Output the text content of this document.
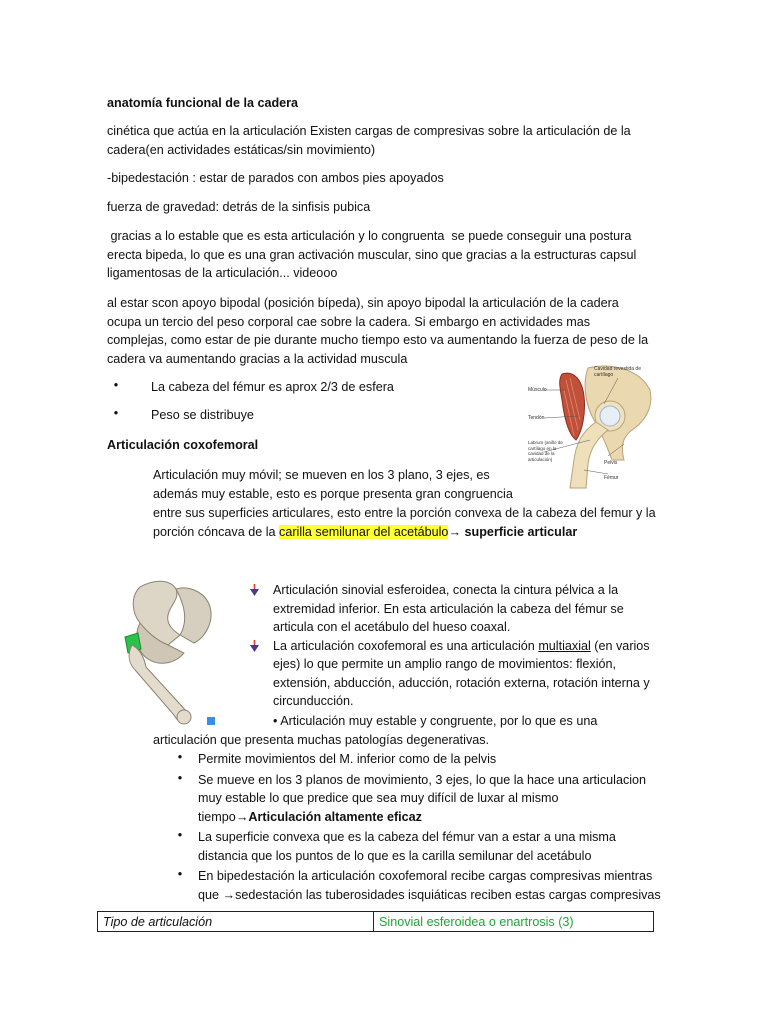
anatomía funcional de la cadera

cinética que actúa en la articulación Existen cargas de compresivas sobre la articulación de la cadera(en actividades estáticas/sin movimiento)

-bipedestación : estar de parados con ambos pies apoyados

fuerza de gravedad: detrás de la sinfisis pubica

gracias a lo estable que es esta articulación y lo congruenta  se puede conseguir una postura erecta bipeda, lo que es una gran activación muscular, sino que gracias a la estructuras capsul ligamentosas de la articulación... videooo

al estar scon apoyo bipodal (posición bípeda), sin apoyo bipodal la articulación de la cadera ocupa un tercio del peso corporal cae sobre la cadera. Si embargo en actividades mas complejas, como estar de pie durante mucho tiempo esto va aumentando la fuerza de peso de la cadera va aumentando gracias a la actividad muscula

•	La cabeza del fémur es aprox 2/3 de esfera
•	Peso se distribuye

Articulación coxofemoral

Articulación muy móvil; se mueven en los 3 plano, 3 ejes, es además muy estable, esto es porque presenta gran congruencia

entre sus superficies articulares, esto entre la porción convexa de la cabeza del femur y la porción cóncava de la carilla semilunar del acetábulo→ superficie articular

Cavidad revestida de cartílago
Músculo
Tendón
Labrum (anillo de cartílago en la cavidad de la articulación)
Pelvis
Fémur

Articulación sinovial esferoidea, conecta la cintura pélvica a la extremidad inferior. En esta articulación la cabeza del fémur se articula con el acetábulo del hueso coaxal.

La articulación coxofemoral es una articulación multiaxial (en varios ejes) lo que permite un amplio rango de movimientos: flexión, extensión, abducción, aducción, rotación externa, rotación interna y circunducción.

• Articulación muy estable y congruente, por lo que es una

articulación que presenta muchas patologías degenerativas.

•	Permite movimientos del M. inferior como de la pelvis

•	Se mueve en los 3 planos de movimiento, 3 ejes, lo que la hace una articulacion muy estable lo que predice que sea muy difícil de luxar al mismo tiempo→Articulación altamente eficaz

•	La superficie convexa que es la cabeza del fémur van a estar a una misma distancia que los puntos de lo que es la carilla semilunar del acetábulo

•	En bipedestación la articulación coxofemoral recibe cargas compresivas mientras que →sedestación las tuberosidades isquiáticas reciben estas cargas compresivas

Tipo de articulación	Sinovial esferoidea o enartrosis (3)
